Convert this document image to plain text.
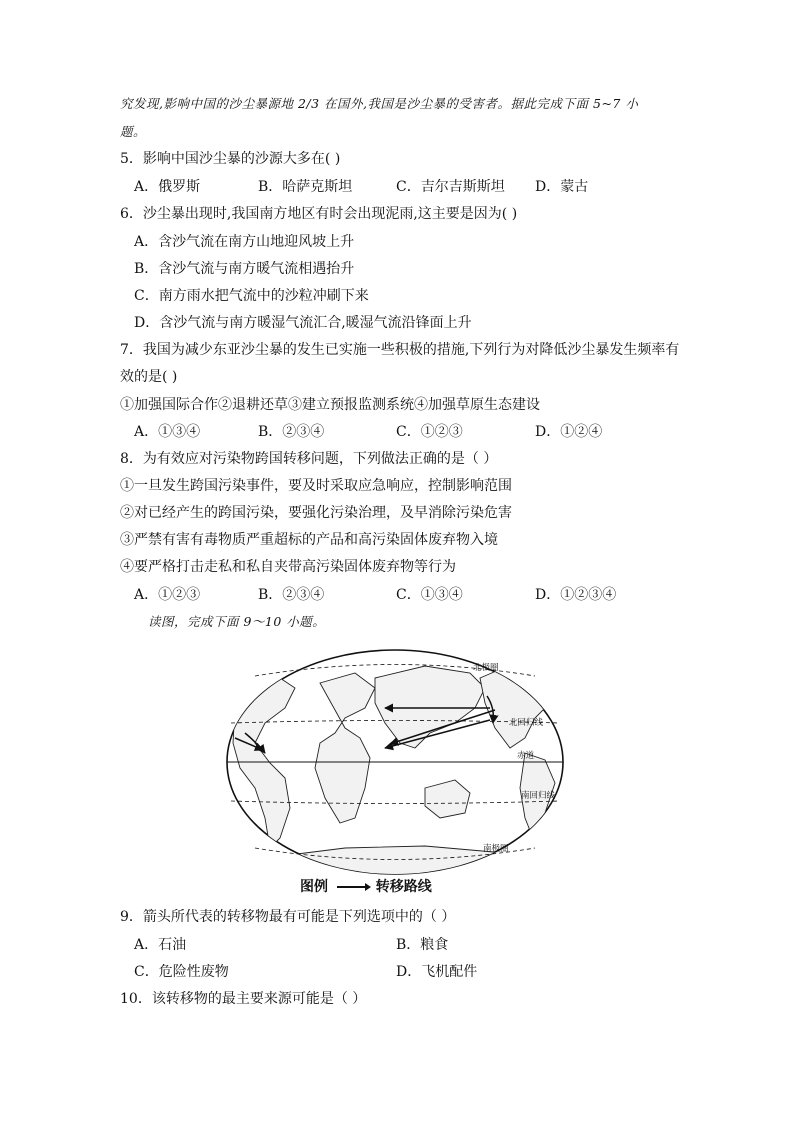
究发现,影响中国的沙尘暴源地 2/3 在国外,我国是沙尘暴的受害者。据此完成下面 5~7 小
题。
5．影响中国沙尘暴的沙源大多在( )
A．俄罗斯	B．哈萨克斯坦	C．吉尔吉斯斯坦 D．蒙古
6．沙尘暴出现时,我国南方地区有时会出现泥雨,这主要是因为( )
A．含沙气流在南方山地迎风坡上升
B．含沙气流与南方暖气流相遇抬升
C．南方雨水把气流中的沙粒冲刷下来
D．含沙气流与南方暖湿气流汇合,暖湿气流沿锋面上升
7．我国为减少东亚沙尘暴的发生已实施一些积极的措施,下列行为对降低沙尘暴发生频率有
效的是( )
①加强国际合作②退耕还草③建立预报监测系统④加强草原生态建设
A．①③④	B．②③④	C．①②③	D．①②④
8．为有效应对污染物跨国转移问题，下列做法正确的是（ ）
①一旦发生跨国污染事件，要及时采取应急响应，控制影响范围
②对已经产生的跨国污染，要强化污染治理，及早消除污染危害
③严禁有害有毒物质严重超标的产品和高污染固体废弃物入境
④要严格打击走私和私自夹带高污染固体废弃物等行为
A．①②③	B．②③④	C．①③④	D．①②③④
读图，完成下面 9～10 小题。
北极圈
北回归线
赤道
南回归线
南极圈
图例	转移路线
9．箭头所代表的转移物最有可能是下列选项中的（ ）
A．石油	B．粮食
C．危险性废物	D．飞机配件
10．该转移物的最主要来源可能是（ ）
